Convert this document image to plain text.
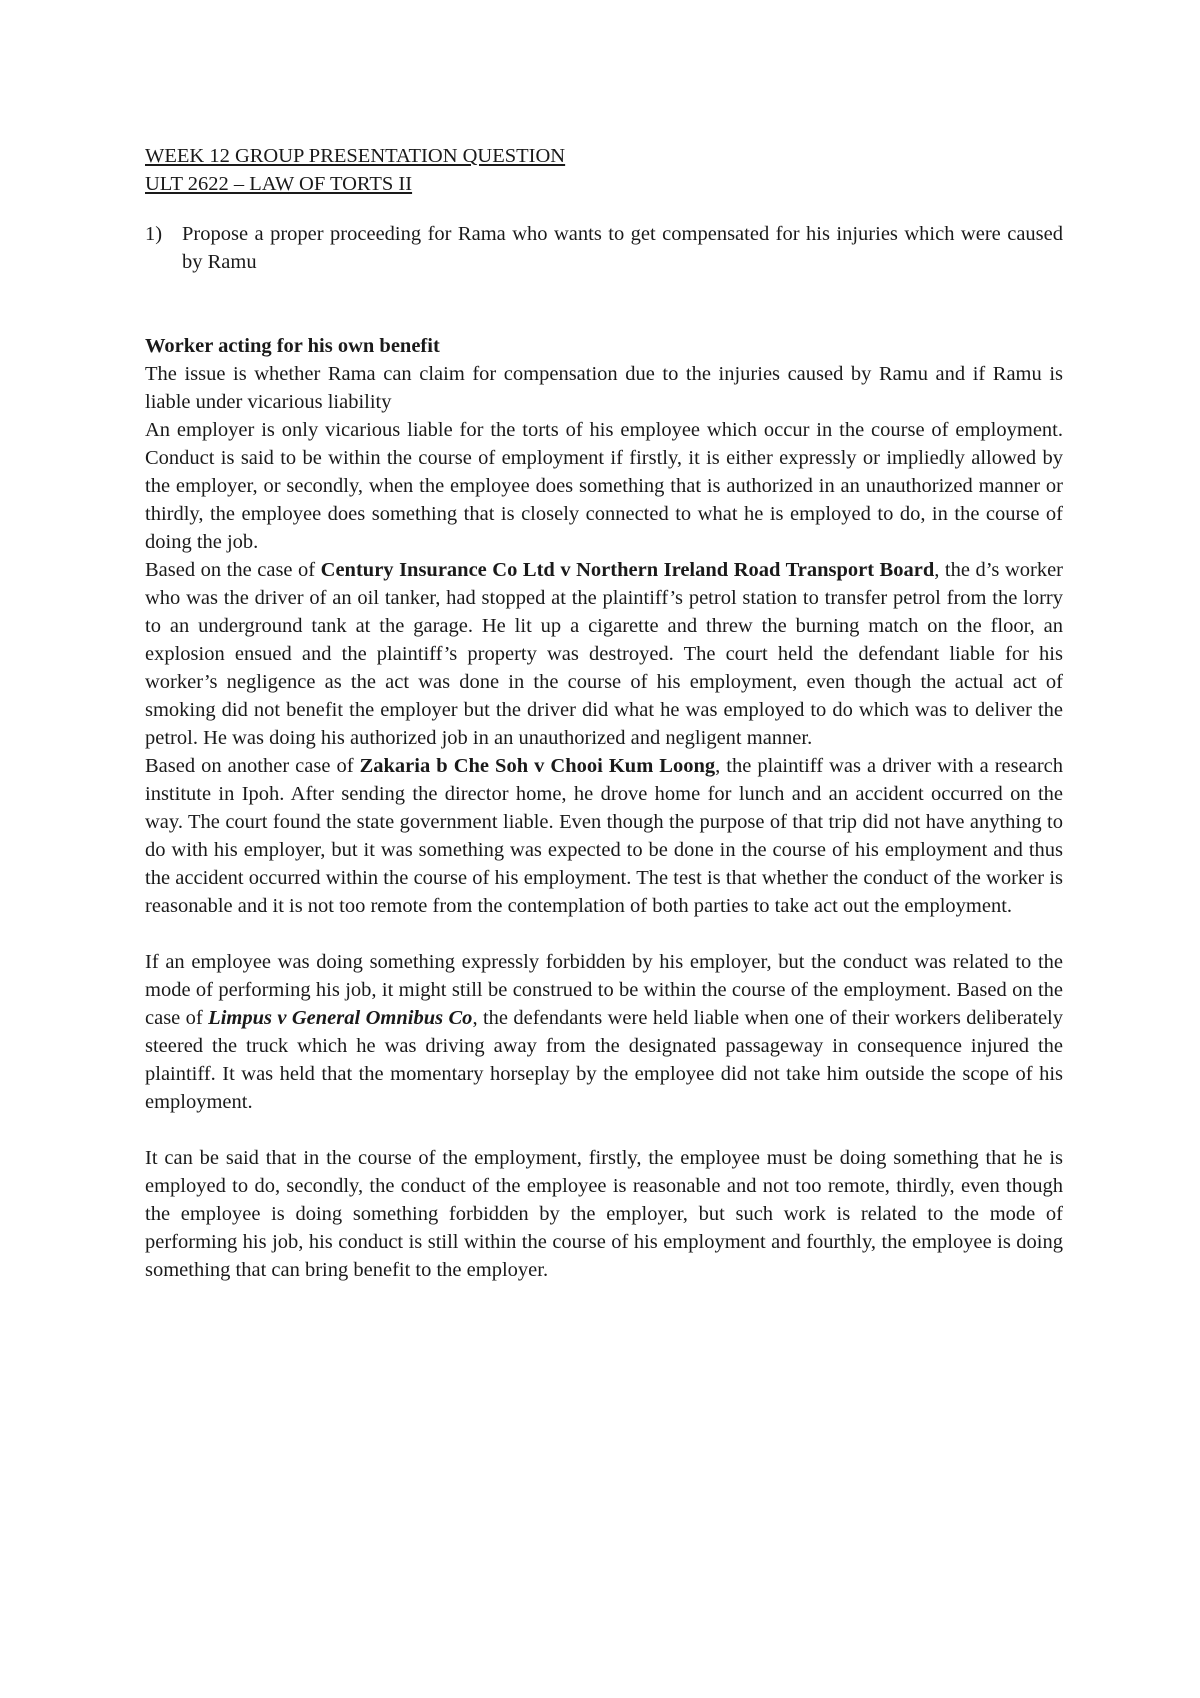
WEEK 12 GROUP PRESENTATION QUESTION
ULT 2622 – LAW OF TORTS II
1) Propose a proper proceeding for Rama who wants to get compensated for his injuries which were caused by Ramu
Worker acting for his own benefit

The issue is whether Rama can claim for compensation due to the injuries caused by Ramu and if Ramu is liable under vicarious liability

An employer is only vicarious liable for the torts of his employee which occur in the course of employment. Conduct is said to be within the course of employment if firstly, it is either expressly or impliedly allowed by the employer, or secondly, when the employee does something that is authorized in an unauthorized manner or thirdly, the employee does something that is closely connected to what he is employed to do, in the course of doing the job.

Based on the case of Century Insurance Co Ltd v Northern Ireland Road Transport Board, the d’s worker who was the driver of an oil tanker, had stopped at the plaintiff’s petrol station to transfer petrol from the lorry to an underground tank at the garage. He lit up a cigarette and threw the burning match on the floor, an explosion ensued and the plaintiff’s property was destroyed. The court held the defendant liable for his worker’s negligence as the act was done in the course of his employment, even though the actual act of smoking did not benefit the employer but the driver did what he was employed to do which was to deliver the petrol. He was doing his authorized job in an unauthorized and negligent manner.

Based on another case of Zakaria b Che Soh v Chooi Kum Loong, the plaintiff was a driver with a research institute in Ipoh. After sending the director home, he drove home for lunch and an accident occurred on the way. The court found the state government liable. Even though the purpose of that trip did not have anything to do with his employer, but it was something was expected to be done in the course of his employment and thus the accident occurred within the course of his employment. The test is that whether the conduct of the worker is reasonable and it is not too remote from the contemplation of both parties to take act out the employment.

If an employee was doing something expressly forbidden by his employer, but the conduct was related to the mode of performing his job, it might still be construed to be within the course of the employment. Based on the case of Limpus v General Omnibus Co, the defendants were held liable when one of their workers deliberately steered the truck which he was driving away from the designated passageway in consequence injured the plaintiff. It was held that the momentary horseplay by the employee did not take him outside the scope of his employment.

It can be said that in the course of the employment, firstly, the employee must be doing something that he is employed to do, secondly, the conduct of the employee is reasonable and not too remote, thirdly, even though the employee is doing something forbidden by the employer, but such work is related to the mode of performing his job, his conduct is still within the course of his employment and fourthly, the employee is doing something that can bring benefit to the employer.
